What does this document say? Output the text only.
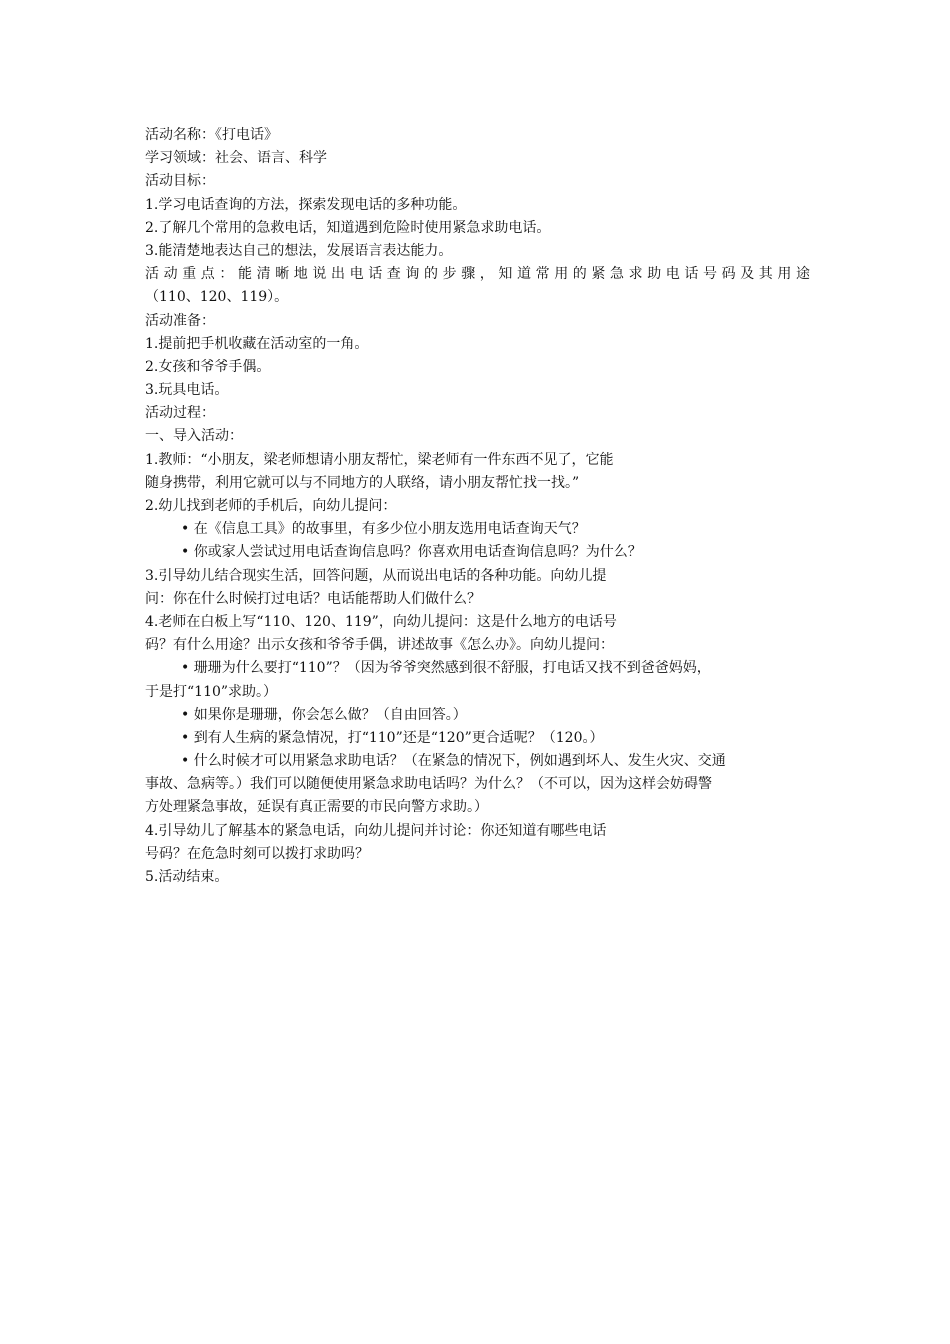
活动名称：《打电话》
学习领域：社会、语言、科学
活动目标：
1.学习电话查询的方法，探索发现电话的多种功能。
2.了解几个常用的急救电话，知道遇到危险时使用紧急求助电话。
3.能清楚地表达自己的想法，发展语言表达能力。
活动重点：能清晰地说出电话查询的步骤，知道常用的紧急求助电话号码及其用途
（110、120、119）。
活动准备：
1.提前把手机收藏在活动室的一角。
2.女孩和爷爷手偶。
3.玩具电话。
活动过程：
一、导入活动：
1.教师：“小朋友，梁老师想请小朋友帮忙，梁老师有一件东西不见了，它能
随身携带，利用它就可以与不同地方的人联络，请小朋友帮忙找一找。”
2.幼儿找到老师的手机后，向幼儿提问：
• 在《信息工具》的故事里，有多少位小朋友选用电话查询天气？
• 你或家人尝试过用电话查询信息吗？你喜欢用电话查询信息吗？为什么？
3.引导幼儿结合现实生活，回答问题，从而说出电话的各种功能。向幼儿提
问：你在什么时候打过电话？电话能帮助人们做什么？
4.老师在白板上写“110、120、119”，向幼儿提问：这是什么地方的电话号
码？有什么用途？出示女孩和爷爷手偶，讲述故事《怎么办》。向幼儿提问：
• 珊珊为什么要打“110”？（因为爷爷突然感到很不舒服，打电话又找不到爸爸妈妈，
于是打“110”求助。）
• 如果你是珊珊，你会怎么做？（自由回答。）
• 到有人生病的紧急情况，打“110”还是“120”更合适呢？（120。）
• 什么时候才可以用紧急求助电话？（在紧急的情况下，例如遇到坏人、发生火灾、交通
事故、急病等。）我们可以随便使用紧急求助电话吗？为什么？（不可以，因为这样会妨碍警
方处理紧急事故，延误有真正需要的市民向警方求助。）
4.引导幼儿了解基本的紧急电话，向幼儿提问并讨论：你还知道有哪些电话
号码？在危急时刻可以拨打求助吗？
5.活动结束。
